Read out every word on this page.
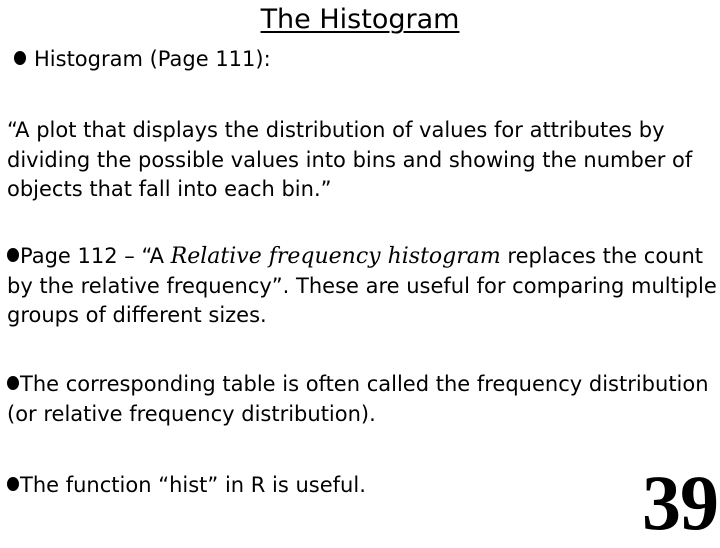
The Histogram
Histogram (Page 111):
“A plot that displays the distribution of values for attributes by dividing the possible values into bins and showing the number of objects that fall into each bin.”
Page 112 – “A Relative frequency histogram replaces the count by the relative frequency”. These are useful for comparing multiple groups of different sizes.
The corresponding table is often called the frequency distribution (or relative frequency distribution).
The function “hist” in R is useful.	39
